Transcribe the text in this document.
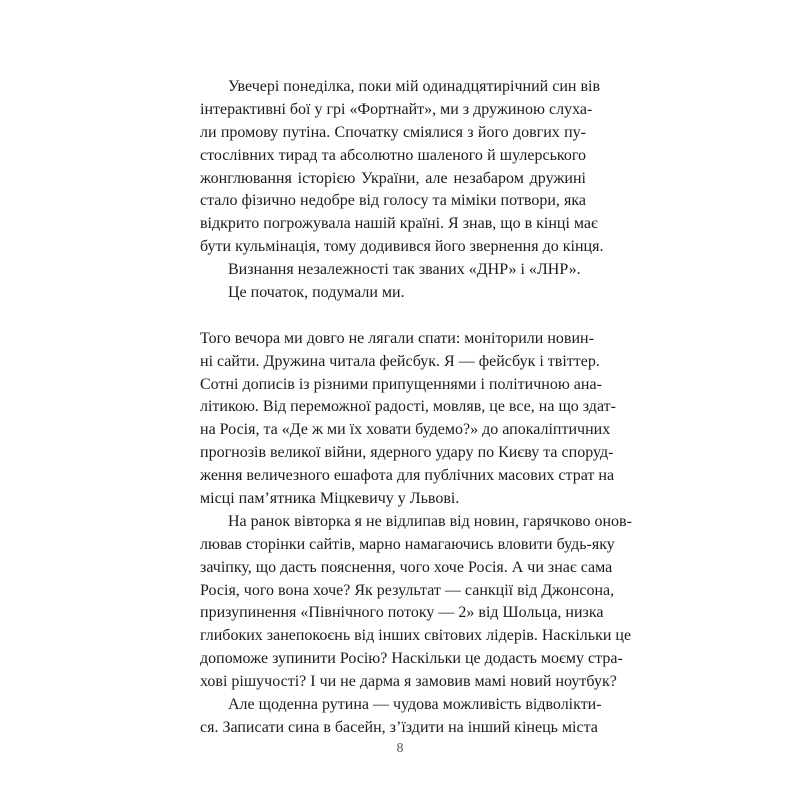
Увечері понеділка, поки мій одинадцятирічний син вів
інтерактивні бої у грі «Фортнайт», ми з дружиною слуха-
ли промову путіна. Спочатку сміялися з його довгих пу-
стослівних тирад та абсолютно шаленого й шулерського
жонглювання історією України, але незабаром дружині
стало фізично недобре від голосу та міміки потвори, яка
відкрито погрожувала нашій країні. Я знав, що в кінці має
бути кульмінація, тому додивився його звернення до кінця.
Визнання незалежності так званих «ДНР» і «ЛНР».
Це початок, подумали ми.
Того вечора ми довго не лягали спати: моніторили новин-
ні сайти. Дружина читала фейсбук. Я — фейсбук і твіттер.
Сотні дописів із різними припущеннями і політичною ана-
літикою. Від переможної радості, мовляв, це все, на що здат-
на Росія, та «Де ж ми їх ховати будемо?» до апокаліптичних
прогнозів великої війни, ядерного удару по Києву та споруд-
ження величезного ешафота для публічних масових страт на
місці пам’ятника Міцкевичу у Львові.
На ранок вівторка я не відлипав від новин, гарячково онов-
лював сторінки сайтів, марно намагаючись вловити будь-яку
зачіпку, що дасть пояснення, чого хоче Росія. А чи знає сама
Росія, чого вона хоче? Як результат — санкції від Джонсона,
призупинення «Північного потоку — 2» від Шольца, низка
глибоких занепокоєнь від інших світових лідерів. Наскільки це
допоможе зупинити Росію? Наскільки це додасть моєму стра-
хові рішучості? І чи не дарма я замовив мамі новий ноутбук?
Але щоденна рутина — чудова можливість відволікти-
ся. Записати сина в басейн, з’їздити на інший кінець міста
8
